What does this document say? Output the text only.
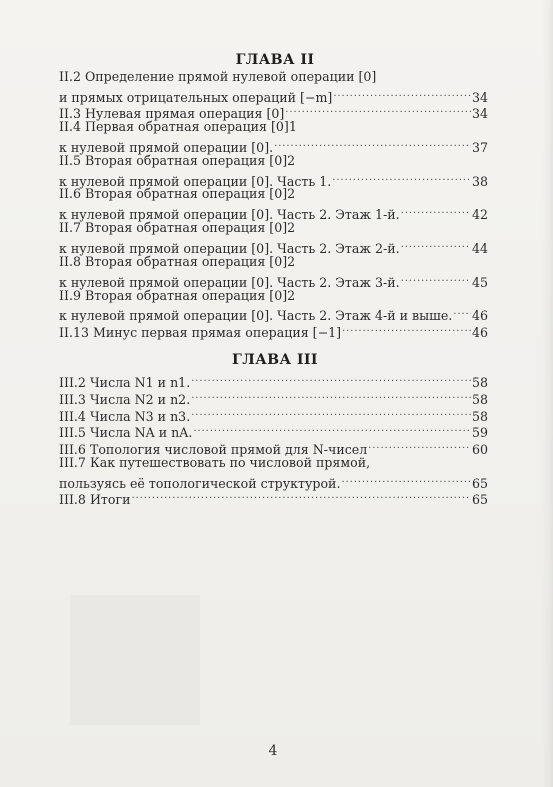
ГЛАВА II
II.2 Определение прямой нулевой операции [0]
и прямых отрицательных операций [−m] .....	34
II.3 Нулевая прямая операция [0] .....	34
II.4 Первая обратная операция [0]1
к нулевой прямой операции [0]. .....	37
II.5 Вторая обратная операция [0]2
к нулевой прямой операции [0]. Часть 1. .....	38
II.6 Вторая обратная операция [0]2
к нулевой прямой операции [0]. Часть 2. Этаж 1-й. .....	42
II.7 Вторая обратная операция [0]2
к нулевой прямой операции [0]. Часть 2. Этаж 2-й. .....	44
II.8 Вторая обратная операция [0]2
к нулевой прямой операции [0]. Часть 2. Этаж 3-й. .....	45
II.9 Вторая обратная операция [0]2
к нулевой прямой операции [0]. Часть 2. Этаж 4-й и выше. ..... 46
II.13 Минус первая прямая операция [−1] .....	46
ГЛАВА III
III.2 Числа N1 и n1. .....	58
III.3 Числа N2 и n2. .....	58
III.4 Числа N3 и n3. .....	58
III.5 Числа NA и nA. .....	59
III.6 Топология числовой прямой для N-чисел .....	60
III.7 Как путешествовать по числовой прямой,
пользуясь её топологической структурой. .....	65
III.8 Итоги .....	65
4
